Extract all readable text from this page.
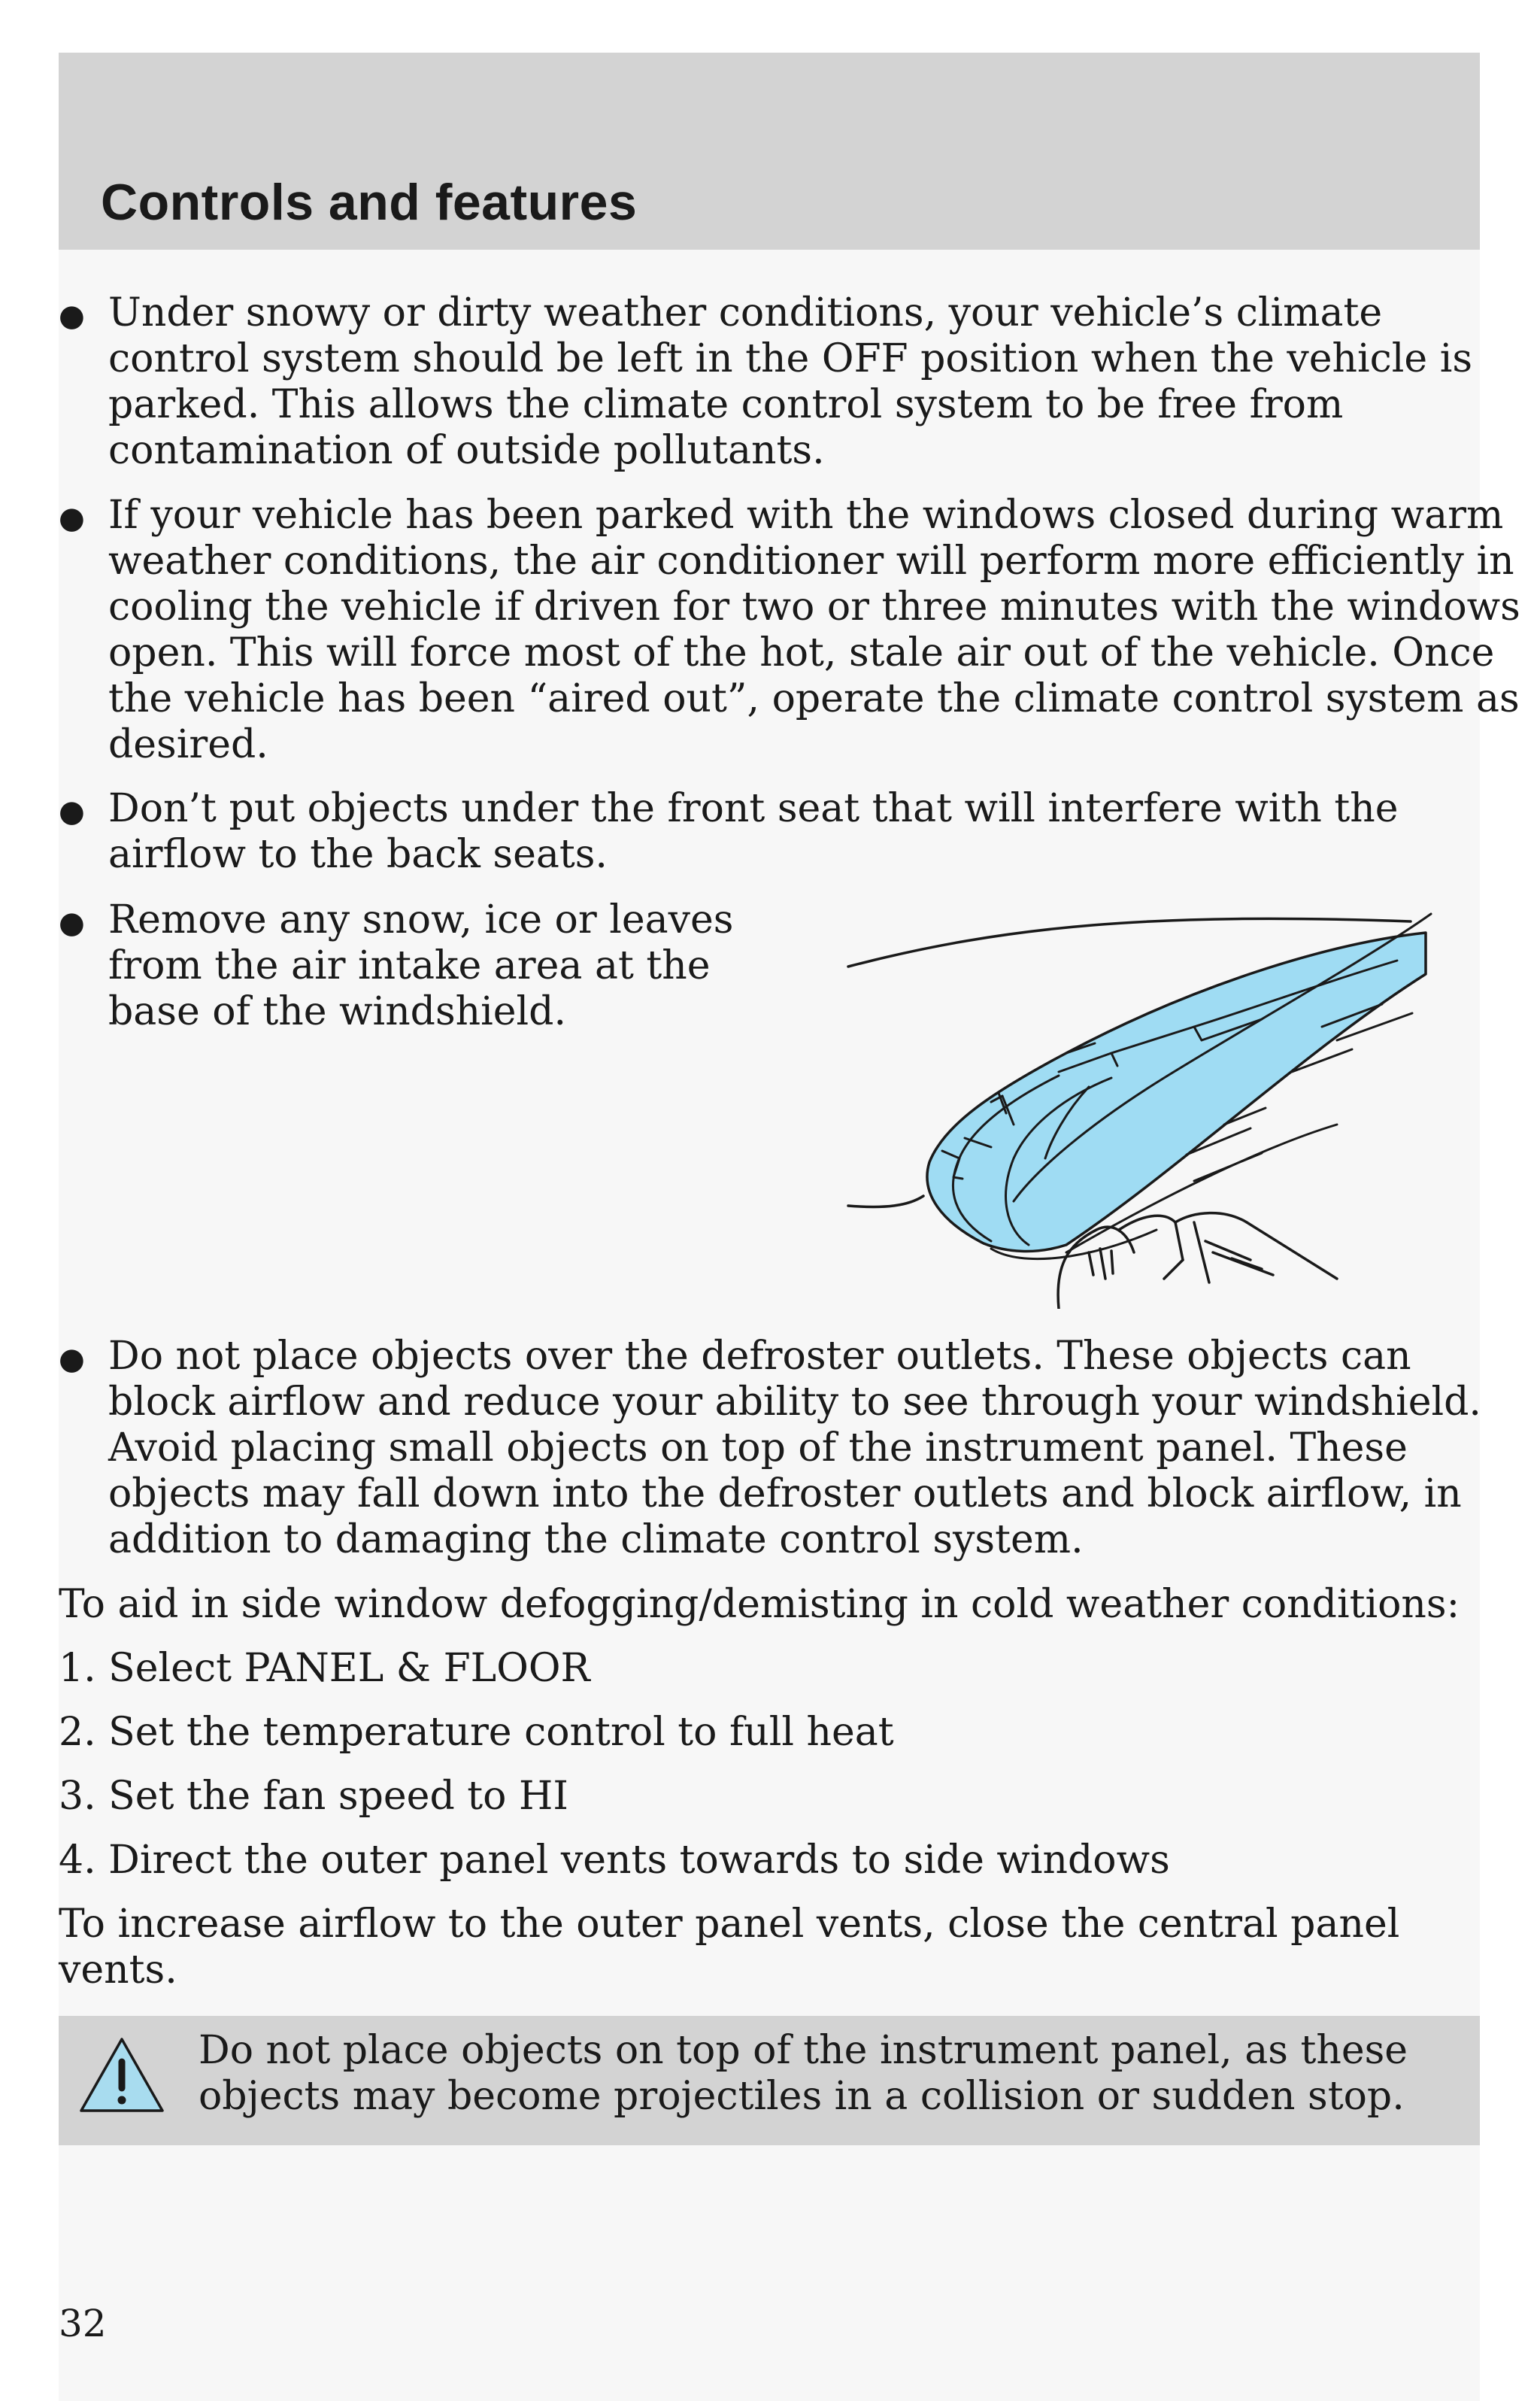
Controls and features
● Under snowy or dirty weather conditions, your vehicle’s climate control system should be left in the OFF position when the vehicle is parked. This allows the climate control system to be free from contamination of outside pollutants.
● If your vehicle has been parked with the windows closed during warm weather conditions, the air conditioner will perform more efficiently in cooling the vehicle if driven for two or three minutes with the windows open. This will force most of the hot, stale air out of the vehicle. Once the vehicle has been “aired out”, operate the climate control system as desired.
● Don’t put objects under the front seat that will interfere with the airflow to the back seats.
● Remove any snow, ice or leaves from the air intake area at the base of the windshield.
● Do not place objects over the defroster outlets. These objects can block airflow and reduce your ability to see through your windshield. Avoid placing small objects on top of the instrument panel. These objects may fall down into the defroster outlets and block airflow, in addition to damaging the climate control system.
To aid in side window defogging/demisting in cold weather conditions:
1. Select PANEL & FLOOR
2. Set the temperature control to full heat
3. Set the fan speed to HI
4. Direct the outer panel vents towards to side windows
To increase airflow to the outer panel vents, close the central panel vents.
Do not place objects on top of the instrument panel, as these objects may become projectiles in a collision or sudden stop.
32
